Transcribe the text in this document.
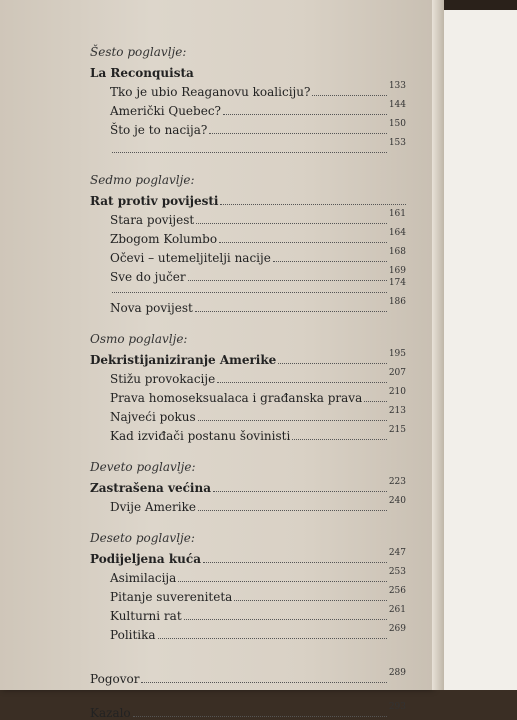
Šesto poglavlje:
La Reconquista
Tko je ubio Reaganovu koaliciju?	133
Američki Quebec?	144
Što je to nacija?	150
153
Sedmo poglavlje:
Rat protiv povijesti
Stara povijest	161
Zbogom Kolumbo	164
Očevi – utemeljitelji nacije	168
Sve do jučer	169
174
Nova povijest	186
Osmo poglavlje:
Dekristijaniziranje Amerike	195
Stižu provokacije	207
Prava homoseksualaca i građanska prava	210
Najveći pokus	213
Kad izviđači postanu šovinisti	215
Deveto poglavlje:
Zastrašena većina	223
Dvije Amerike	240
Deseto poglavlje:
Podijeljena kuća	247
Asimilacija	253
Pitanje suvereniteta	256
Kulturni rat	261
Politika	269
Pogovor	289
Kazalo	293
